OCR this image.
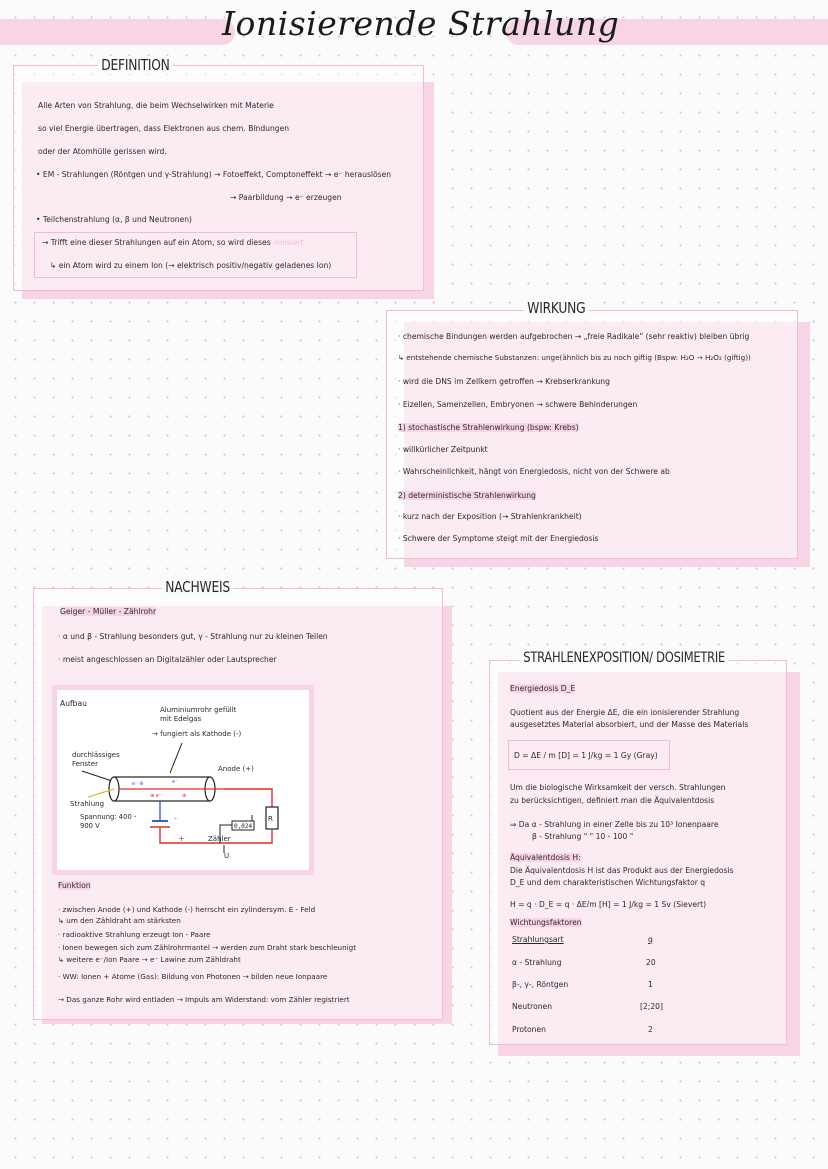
Ionisierende Strahlung
DEFINITION
Alle Arten von Strahlung, die beim Wechselwirken mit Materie
so viel Energie übertragen, dass Elektronen aus chem. Bindungen
oder der Atomhülle gerissen wird.
• EM - Strahlungen (Röntgen und γ-Strahlung) → Fotoeffekt, Comptoneffekt → e⁻ herauslösen
→ Paarbildung → e⁻ erzeugen
• Teilchenstrahlung (α, β und Neutronen)
→ Trifft eine dieser Strahlungen auf ein Atom, so wird dieses ionisiert
↳ ein Atom wird zu einem Ion (→ elektrisch positiv/negativ geladenes Ion)
WIRKUNG
· chemische Bindungen werden aufgebrochen → „freie Radikale“ (sehr reaktiv) bleiben übrig
↳ entstehende chemische Substanzen: unge(ähnlich bis zu noch giftig (Bspw: H₂O → H₂O₂ (giftig))
· wird die DNS im Zellkern getroffen → Krebserkrankung
· Eizellen, Samenzellen, Embryonen → schwere Behinderungen
1) stochastische Strahlenwirkung (bspw: Krebs)
· willkürlicher Zeitpunkt
· Wahrscheinlichkeit, hängt von Energiedosis, nicht von der Schwere ab
2) deterministische Strahlenwirkung
· kurz nach der Exposition (→ Strahlenkrankheit)
· Schwere der Symptome steigt mit der Energiedosis
NACHWEIS
Geiger - Müller - Zählrohr
· α und β - Strahlung besonders gut, γ - Strahlung nur zu kleinen Teilen
· meist angeschlossen an Digitalzähler oder Lautsprecher
Aufbau
Aluminiumrohr gefüllt mit Edelgas
→ fungiert als Kathode (-)
durchlässiges Fenster
Anode (+)
Strahlung
Spannung: 400 - 900 V
Zähler
U
e⁻ ⊕
⊕ e⁻
e⁻
⊕
0,024
R
+
-
Funktion
· zwischen Anode (+) und Kathode (-) herrscht ein zylindersym. E - Feld
↳ um den Zähldraht am stärksten
· radioaktive Strahlung erzeugt Ion - Paare
· Ionen bewegen sich zum Zählrohrmantel → werden zum Draht stark beschleunigt
↳ weitere e⁻/Ion Paare → e⁻ Lawine zum Zähldraht
· WW: Ionen + Atome (Gas): Bildung von Photonen → bilden neue Ionpaare
→ Das ganze Rohr wird entladen → Impuls am Widerstand: vom Zähler registriert
STRAHLENEXPOSITION/ DOSIMETRIE
Energiedosis D_E
Quotient aus der Energie ΔE, die ein ionisierender Strahlung
ausgesetztes Material absorbiert, und der Masse des Materials
D = ΔE / m [D] = 1 J/kg = 1 Gy (Gray)
Um die biologische Wirksamkeit der versch. Strahlungen
zu berücksichtigen, definiert man die Äquivalentdosis
⇒ Da α - Strahlung in einer Zelle bis zu 10³ Ionenpaare
β - Strahlung " " 10 - 100 "
Äquivalentdosis H:
Die Äquivalentdosis H ist das Produkt aus der Energiedosis
D_E und dem charakteristischen Wichtungsfaktor q
H = q · D_E = q · ΔE/m [H] = 1 J/kg = 1 Sv (Sievert)
Wichtungsfaktoren
Strahlungsart	q
α - Strahlung	20
β-, γ-, Röntgen	1
Neutronen	[2;20]
Protonen	2
